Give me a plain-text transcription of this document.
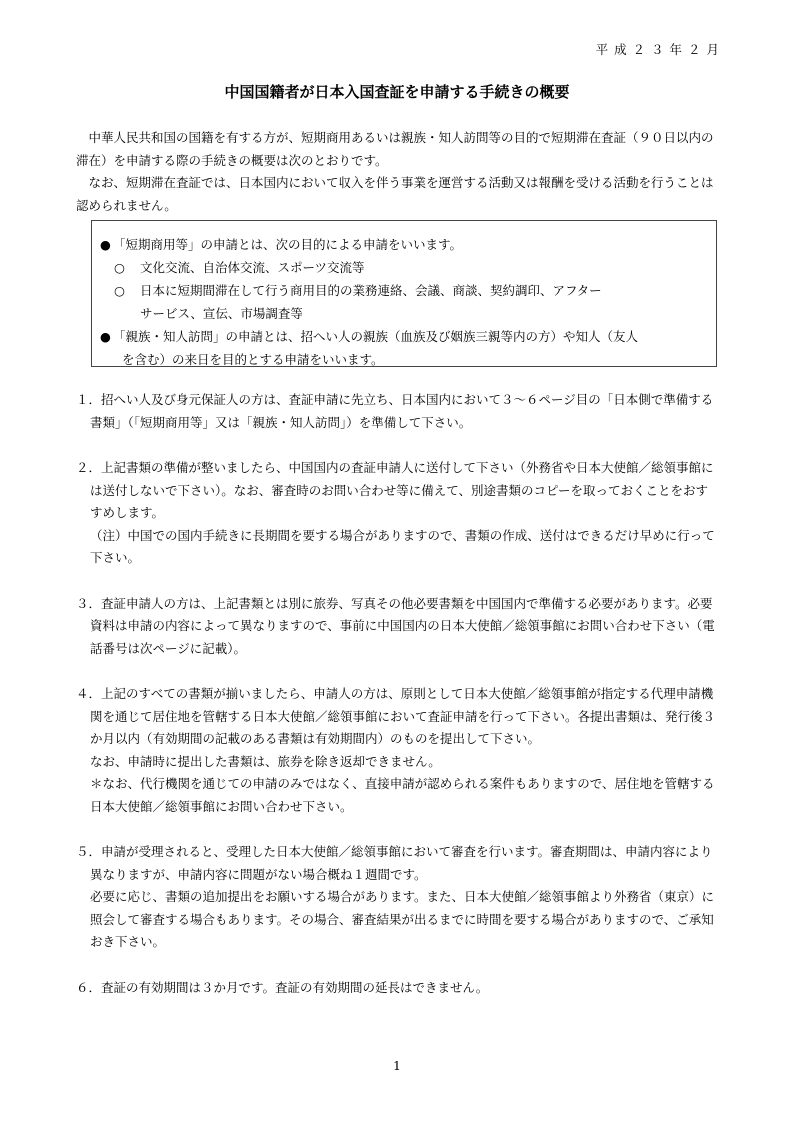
平 成 ２ ３ 年 ２ 月
中国国籍者が日本入国査証を申請する手続きの概要

中華人民共和国の国籍を有する方が、短期商用あるいは親族・知人訪問等の目的で短期滞在査証（９０日以内の滞在）を申請する際の手続きの概要は次のとおりです。

なお、短期滞在査証では、日本国内において収入を伴う事業を運営する活動又は報酬を受ける活動を行うことは認められません。

● 「短期商用等」の申請とは、次の目的による申請をいいます。
○ 文化交流、自治体交流、スポーツ交流等
○ 日本に短期間滞在して行う商用目的の業務連絡、会議、商談、契約調印、アフター
サービス、宣伝、市場調査等
● 「親族・知人訪問」の申請とは、招へい人の親族（血族及び姻族三親等内の方）や知人（友人
を含む）の来日を目的とする申請をいいます。

１．招へい人及び身元保証人の方は、査証申請に先立ち、日本国内において３～６ページ目の「日本側で準備する書類」（「短期商用等」又は「親族・知人訪問」）を準備して下さい。

２．上記書類の準備が整いましたら、中国国内の査証申請人に送付して下さい（外務省や日本大使館／総領事館には送付しないで下さい）。なお、審査時のお問い合わせ等に備えて、別途書類のコピーを取っておくことをおすすめします。

（注）中国での国内手続きに長期間を要する場合がありますので、書類の作成、送付はできるだけ早めに行って下さい。

３．査証申請人の方は、上記書類とは別に旅券、写真その他必要書類を中国国内で準備する必要があります。必要資料は申請の内容によって異なりますので、事前に中国国内の日本大使館／総領事館にお問い合わせ下さい（電話番号は次ページに記載）。

４．上記のすべての書類が揃いましたら、申請人の方は、原則として日本大使館／総領事館が指定する代理申請機関を通じて居住地を管轄する日本大使館／総領事館において査証申請を行って下さい。各提出書類は、発行後３か月以内（有効期間の記載のある書類は有効期間内）のものを提出して下さい。

なお、申請時に提出した書類は、旅券を除き返却できません。

＊なお、代行機関を通じての申請のみではなく、直接申請が認められる案件もありますので、居住地を管轄する日本大使館／総領事館にお問い合わせ下さい。

５．申請が受理されると、受理した日本大使館／総領事館において審査を行います。審査期間は、申請内容により異なりますが、申請内容に問題がない場合概ね１週間です。

必要に応じ、書類の追加提出をお願いする場合があります。また、日本大使館／総領事館より外務省（東京）に照会して審査する場合もあります。その場合、審査結果が出るまでに時間を要する場合がありますので、ご承知おき下さい。

６．査証の有効期間は３か月です。査証の有効期間の延長はできません。

1
